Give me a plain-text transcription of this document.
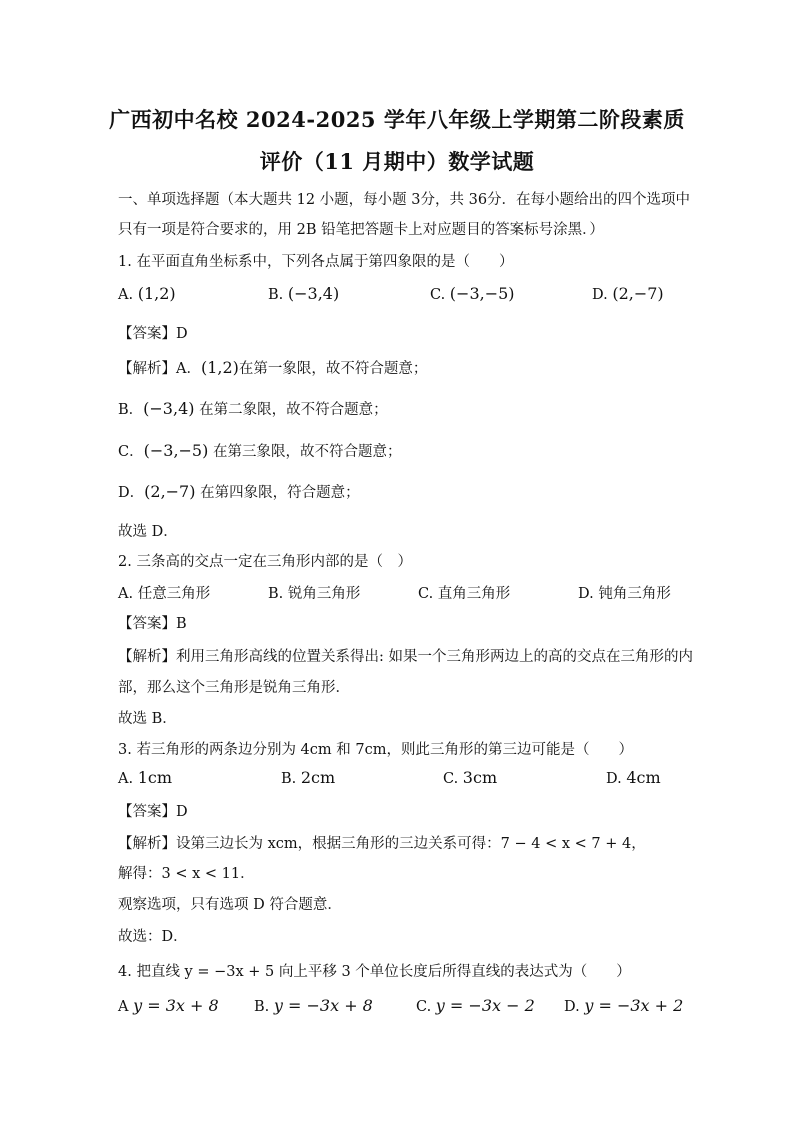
广西初中名校 2024-2025 学年八年级上学期第二阶段素质
评价（11 月期中）数学试题
一、单项选择题（本大题共 12 小题，每小题 3分，共 36分．在每小题给出的四个选项中
只有一项是符合要求的，用 2B 铅笔把答题卡上对应题目的答案标号涂黑．）
1. 在平面直角坐标系中，下列各点属于第四象限的是（　　）
A. (1,2)	B. (−3,4)	C. (−3,−5)	D. (2,−7)
【答案】D
【解析】A．(1,2)在第一象限，故不符合题意；
B．(−3,4) 在第二象限，故不符合题意；
C．(−3,−5) 在第三象限，故不符合题意；
D．(2,−7) 在第四象限，符合题意；
故选 D．
2. 三条高的交点一定在三角形内部的是（　）
A. 任意三角形	B. 锐角三角形	C. 直角三角形	D. 钝角三角形
【答案】B
【解析】利用三角形高线的位置关系得出: 如果一个三角形两边上的高的交点在三角形的内
部，那么这个三角形是锐角三角形．
故选 B．
3. 若三角形的两条边分别为 4cm 和 7cm，则此三角形的第三边可能是（　　）
A. 1cm	B. 2cm	C. 3cm	D. 4cm
【答案】D
【解析】设第三边长为 xcm，根据三角形的三边关系可得：7 − 4 < x < 7 + 4，
解得：3 < x < 11．
观察选项，只有选项 D 符合题意．
故选：D．
4. 把直线 y = −3x + 5 向上平移 3 个单位长度后所得直线的表达式为（　　）
A y = 3x + 8 B. y = −3x + 8	C. y = −3x − 2 D. y = −3x + 2
